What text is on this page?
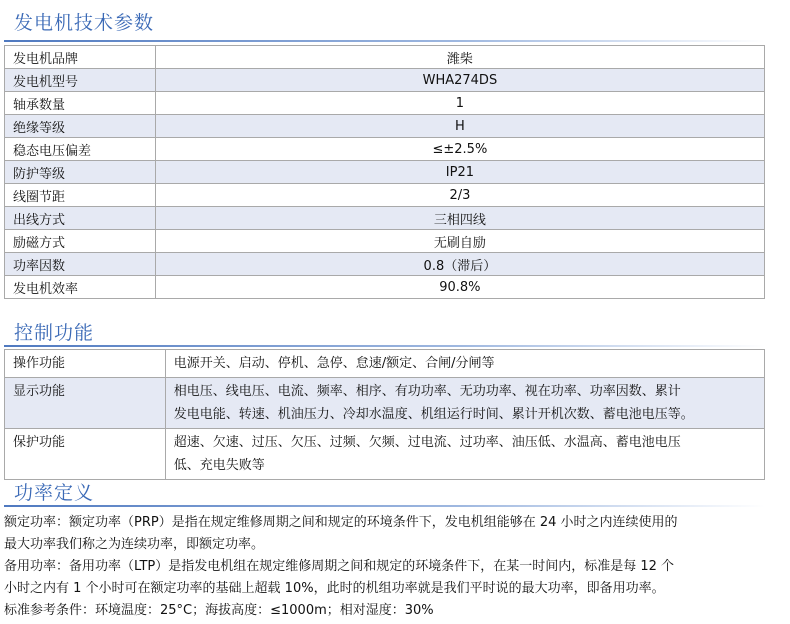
发电机技术参数
发电机品牌	潍柴
发电机型号	WHA274DS
轴承数量	1
绝缘等级	H
稳态电压偏差	≤±2.5%
防护等级	IP21
线圈节距	2/3
出线方式	三相四线
励磁方式	无刷自励
功率因数	0.8（滞后）
发电机效率	90.8%
控制功能
操作功能	电源开关、启动、停机、急停、怠速/额定、合闸/分闸等

显示功能	相电压、线电压、电流、频率、相序、有功功率、无功功率、视在功率、功率因数、累计
发电电能、转速、机油压力、冷却水温度、机组运行时间、累计开机次数、蓄电池电压等。

保护功能	超速、欠速、过压、欠压、过频、欠频、过电流、过功率、油压低、水温高、蓄电池电压
低、充电失败等
功率定义
额定功率：额定功率（PRP）是指在规定维修周期之间和规定的环境条件下，发电机组能够在 24 小时之内连续使用的
最大功率我们称之为连续功率，即额定功率。
备用功率：备用功率（LTP）是指发电机组在规定维修周期之间和规定的环境条件下，在某一时间内，标准是每 12 个
小时之内有 1 个小时可在额定功率的基础上超载 10%，此时的机组功率就是我们平时说的最大功率，即备用功率。
标准参考条件：环境温度：25°C；海拔高度：≤1000m；相对湿度：30%
